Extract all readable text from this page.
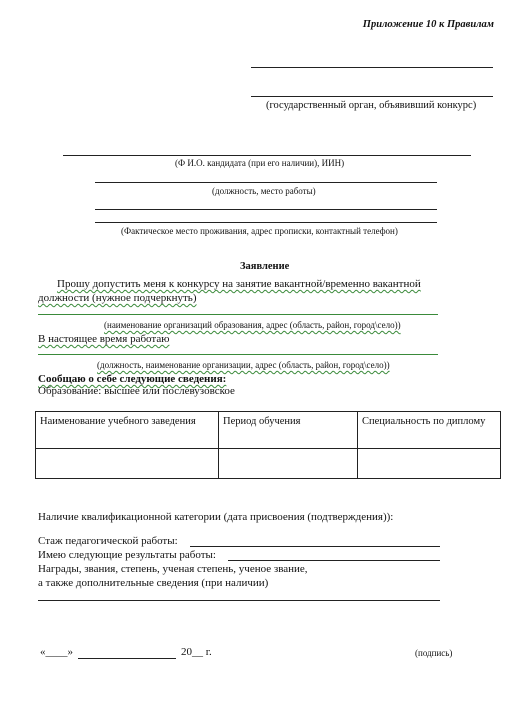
Приложение 10 к Правилам
(государственный орган, объявивший конкурс)
(Ф И.О. кандидата (при его наличии), ИИН)
(должность, место работы)
(Фактическое место проживания, адрес прописки, контактный телефон)
Заявление
Прошу допустить меня к конкурсу на занятие вакантной/временно вакантной
должности (нужное подчеркнуть)
(наименование организаций образования, адрес (область, район, город\село))
В настоящее время работаю
(должность, наименование организации, адрес (область, район, город\село))
Сообщаю о себе следующие сведения:
Образование: высшее или послевузовское
Наименование учебного заведения	Период обучения	Специальность по диплому

Наличие квалификационной категории (дата присвоения (подтверждения)):
Стаж педагогической работы:
Имею следующие результаты работы:
Награды, звания, степень, ученая степень, ученое звание,
а также дополнительные сведения (при наличии)
«____»	20__ г.	(подпись)
